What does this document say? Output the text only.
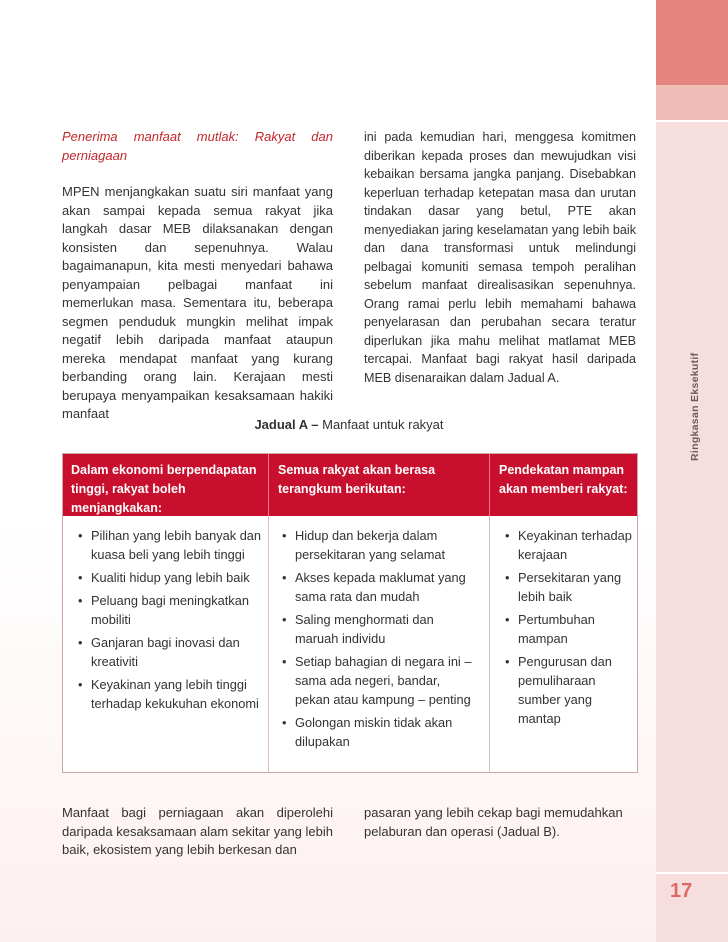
Ringkasan Eksekutif
17

Penerima manfaat mutlak: Rakyat dan perniagaan

MPEN menjangkakan suatu siri manfaat yang akan sampai kepada semua rakyat jika langkah dasar MEB dilaksanakan dengan konsisten dan sepenuhnya. Walau bagaimanapun, kita mesti menyedari bahawa penyampaian pelbagai manfaat ini memerlukan masa. Sementara itu, beberapa segmen penduduk mungkin melihat impak negatif lebih daripada manfaat ataupun mereka mendapat manfaat yang kurang berbanding orang lain. Kerajaan mesti berupaya menyampaikan kesaksamaan hakiki manfaat

ini pada kemudian hari, menggesa komitmen diberikan kepada proses dan mewujudkan visi kebaikan bersama jangka panjang. Disebabkan keperluan terhadap ketepatan masa dan urutan tindakan dasar yang betul, PTE akan menyediakan jaring keselamatan yang lebih baik dan dana transformasi untuk melindungi pelbagai komuniti semasa tempoh peralihan sebelum manfaat direalisasikan sepenuhnya. Orang ramai perlu lebih memahami bahawa penyelarasan dan perubahan secara teratur diperlukan jika mahu melihat matlamat MEB tercapai. Manfaat bagi rakyat hasil daripada MEB disenaraikan dalam Jadual A.

Jadual A – Manfaat untuk rakyat
Dalam ekonomi berpendapatan tinggi, rakyat boleh menjangkakan:
Semua rakyat akan berasa terangkum berikutan:
Pendekatan mampan akan memberi rakyat:
• Pilihan yang lebih banyak dan kuasa beli yang lebih tinggi
• Kualiti hidup yang lebih baik
• Peluang bagi meningkatkan mobiliti
• Ganjaran bagi inovasi dan kreativiti
• Keyakinan yang lebih tinggi terhadap kekukuhan ekonomi
• Hidup dan bekerja dalam persekitaran yang selamat
• Akses kepada maklumat yang sama rata dan mudah
• Saling menghormati dan maruah individu
• Setiap bahagian di negara ini – sama ada negeri, bandar, pekan atau kampung – penting
• Golongan miskin tidak akan dilupakan
• Keyakinan terhadap kerajaan
• Persekitaran yang lebih baik
• Pertumbuhan mampan
• Pengurusan dan pemuliharaan sumber yang mantap

Manfaat bagi perniagaan akan diperolehi daripada kesaksamaan alam sekitar yang lebih baik, ekosistem yang lebih berkesan dan

pasaran yang lebih cekap bagi memudahkan pelaburan dan operasi (Jadual B).
